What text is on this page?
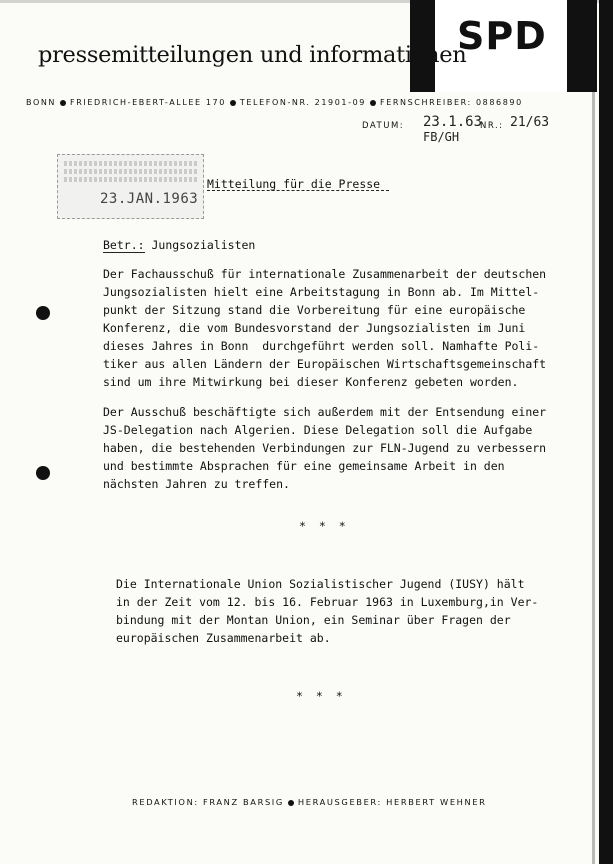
SPD
pressemitteilungen und informationen
BONN FRIEDRICH-EBERT-ALLEE 170 TELEFON-NR. 21901-09 FERNSCHREIBER: 0886890
DATUM: 23.1.63
NR.: 21/63
FB/GH
23.JAN.1963
Mitteilung für die Presse
Betr.: Jungsozialisten
Der Fachausschuß für internationale Zusammenarbeit der deutschen
Jungsozialisten hielt eine Arbeitstagung in Bonn ab. Im Mittel-
punkt der Sitzung stand die Vorbereitung für eine europäische
Konferenz, die vom Bundesvorstand der Jungsozialisten im Juni
dieses Jahres in Bonn  durchgeführt werden soll. Namhafte Poli-
tiker aus allen Ländern der Europäischen Wirtschaftsgemeinschaft
sind um ihre Mitwirkung bei dieser Konferenz gebeten worden.
Der Ausschuß beschäftigte sich außerdem mit der Entsendung einer
JS-Delegation nach Algerien. Diese Delegation soll die Aufgabe
haben, die bestehenden Verbindungen zur FLN-Jugend zu verbessern
und bestimmte Absprachen für eine gemeinsame Arbeit in den
nächsten Jahren zu treffen.
* * *
Die Internationale Union Sozialistischer Jugend (IUSY) hält
in der Zeit vom 12. bis 16. Februar 1963 in Luxemburg,in Ver-
bindung mit der Montan Union, ein Seminar über Fragen der
europäischen Zusammenarbeit ab.
* * *
REDAKTION: FRANZ BARSIG HERAUSGEBER: HERBERT WEHNER
